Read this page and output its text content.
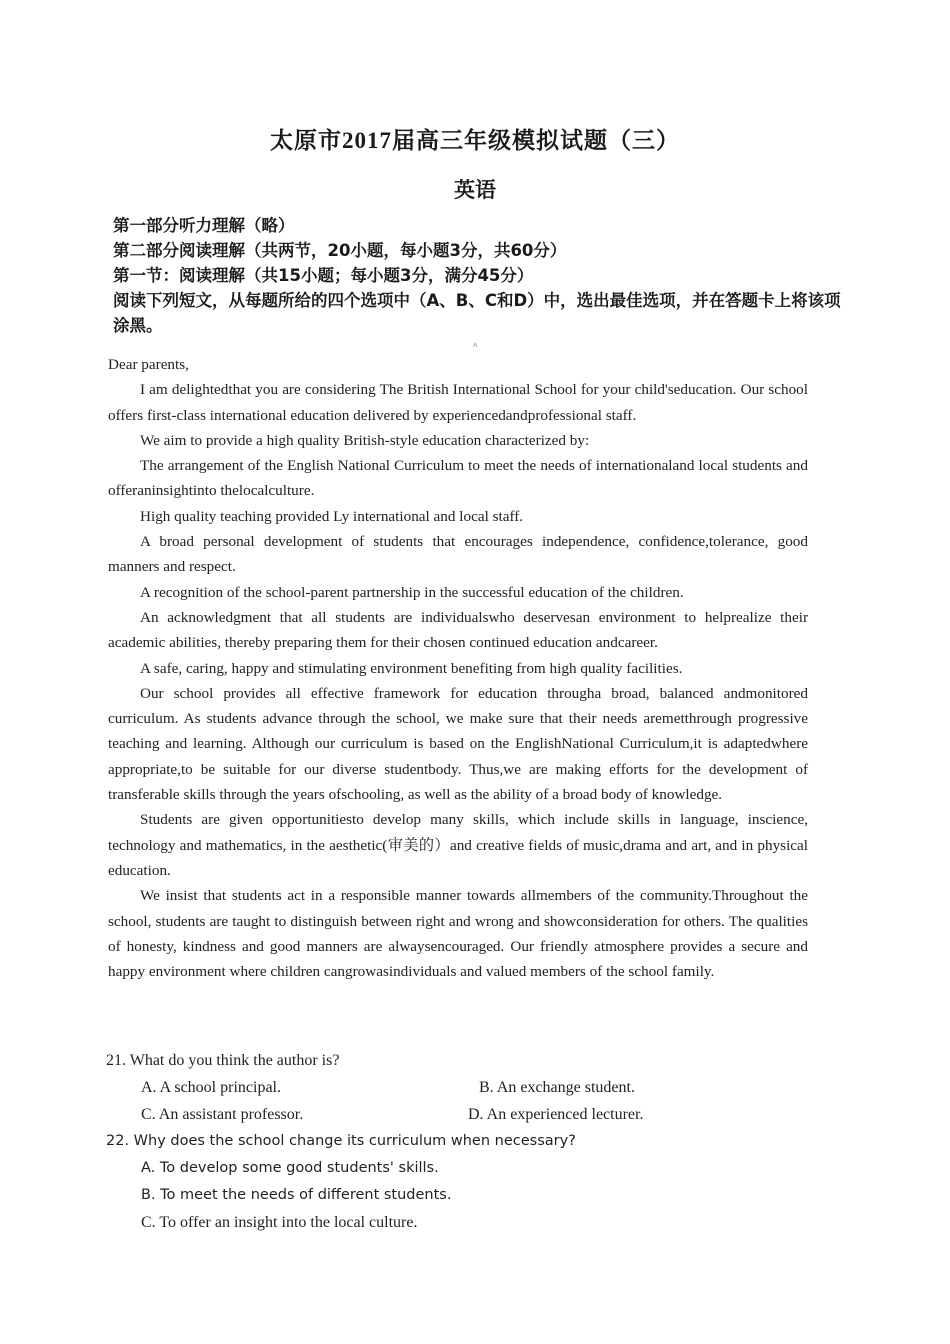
太原市2017届高三年级模拟试题（三）
英语
第一部分听力理解（略）
第二部分阅读理解（共两节，20小题，每小题3分，共60分）
第一节：阅读理解（共15小题；每小题3分，满分45分）
阅读下列短文，从每题所给的四个选项中（A、B、C和D）中，选出最佳选项，并在答题卡上将该项涂黑。
˄

Dear parents,

I am delightedthat you are considering The British International School for your child'seducation. Our school offers first-class international education delivered by experiencedandprofessional staff.

We aim to provide a high quality British-style education characterized by:

The arrangement of the English National Curriculum to meet the needs of internationaland local students and offeraninsightinto thelocalculture.

High quality teaching provided Ly international and local staff.

A broad personal development of students that encourages independence, confidence,tolerance, good manners and respect.

A recognition of the school-parent partnership in the successful education of the children.

An acknowledgment that all students are individualswho deservesan environment to helprealize their academic abilities, thereby preparing them for their chosen continued education andcareer.

A safe, caring, happy and stimulating environment benefiting from high quality facilities.

Our school provides all effective framework for education througha broad, balanced andmonitored curriculum. As students advance through the school, we make sure that their needs aremetthrough progressive teaching and learning. Although our curriculum is based on the EnglishNational Curriculum,it is adaptedwhere appropriate,to be suitable for our diverse studentbody. Thus,we are making efforts for the development of transferable skills through the years ofschooling, as well as the ability of a broad body of knowledge.

Students are given opportunitiesto develop many skills, which include skills in language, inscience, technology and mathematics, in the aesthetic(审美的）and creative fields of music,drama and art, and in physical education.

We insist that students act in a responsible manner towards allmembers of the community.Throughout the school, students are taught to distinguish between right and wrong and showconsideration for others. The qualities of honesty, kindness and good manners are alwaysencouraged. Our friendly atmosphere provides a secure and happy environment where children cangrowasindividuals and valued members of the school family.

21. What do you think the author is?
A. A school principal.	B. An exchange student.
C. An assistant professor.	D. An experienced lecturer.
22. Why does the school change its curriculum when necessary?
A. To develop some good students' skills.
B. To meet the needs of different students.
C. To offer an insight into the local culture.
